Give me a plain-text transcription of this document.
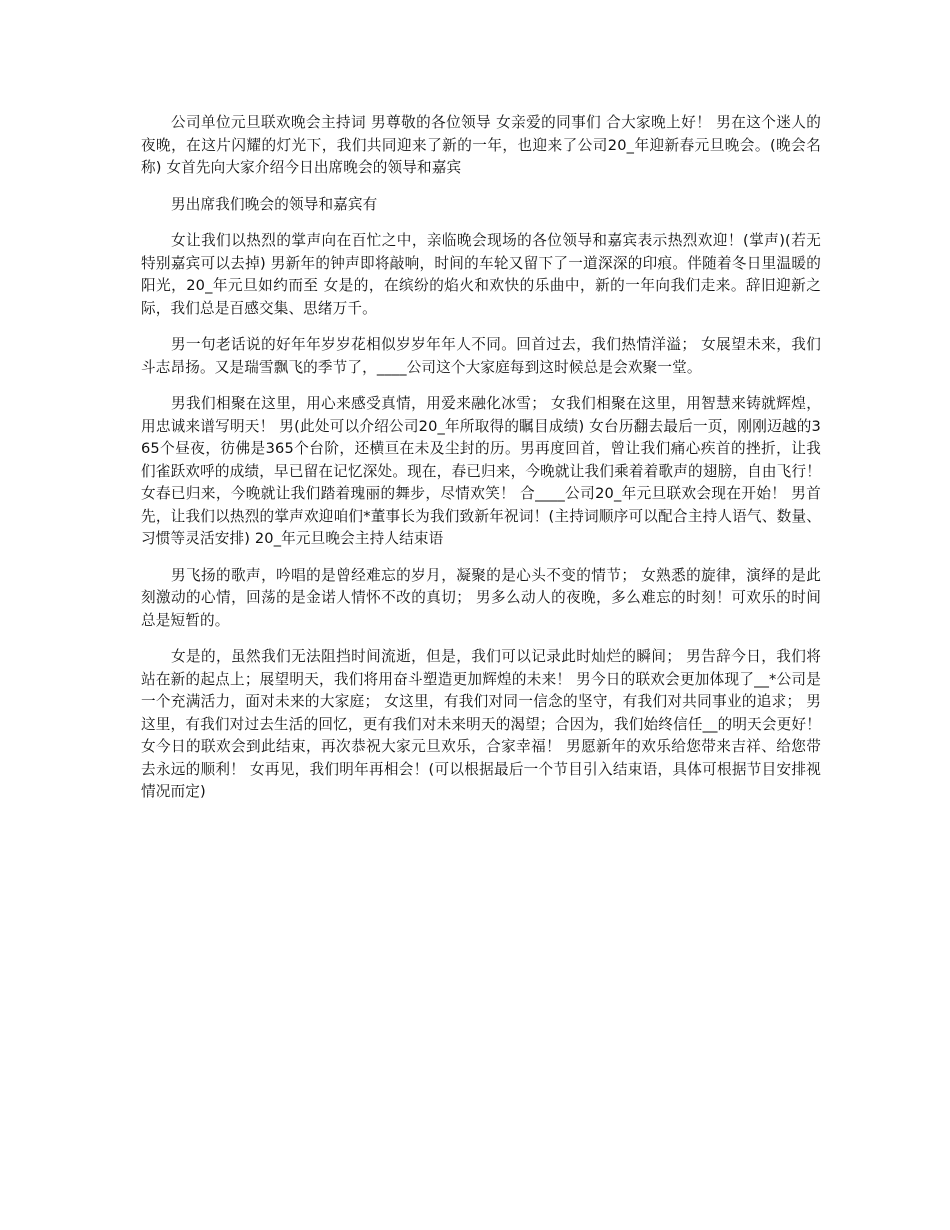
公司单位元旦联欢晚会主持词 男尊敬的各位领导 女亲爱的同事们 合大家晚上好！ 男在这个迷人的夜晚，在这片闪耀的灯光下，我们共同迎来了新的一年，也迎来了公司20_年迎新春元旦晚会。(晚会名称) 女首先向大家介绍今日出席晚会的领导和嘉宾

男出席我们晚会的领导和嘉宾有

女让我们以热烈的掌声向在百忙之中，亲临晚会现场的各位领导和嘉宾表示热烈欢迎！(掌声)(若无特别嘉宾可以去掉) 男新年的钟声即将敲响，时间的车轮又留下了一道深深的印痕。伴随着冬日里温暖的阳光，20_年元旦如约而至 女是的，在缤纷的焰火和欢快的乐曲中，新的一年向我们走来。辞旧迎新之际，我们总是百感交集、思绪万千。

男一句老话说的好年年岁岁花相似岁岁年年人不同。回首过去，我们热情洋溢； 女展望未来，我们斗志昂扬。又是瑞雪飘飞的季节了，____公司这个大家庭每到这时候总是会欢聚一堂。

男我们相聚在这里，用心来感受真情，用爱来融化冰雪； 女我们相聚在这里，用智慧来铸就辉煌，用忠诚来谱写明天！ 男(此处可以介绍公司20_年所取得的瞩目成绩) 女台历翻去最后一页，刚刚迈越的365个昼夜，彷佛是365个台阶，还横亘在未及尘封的历。男再度回首，曾让我们痛心疾首的挫折，让我们雀跃欢呼的成绩，早已留在记忆深处。现在，春已归来，今晚就让我们乘着着歌声的翅膀，自由飞行！ 女春已归来，今晚就让我们踏着瑰丽的舞步，尽情欢笑！ 合____公司20_年元旦联欢会现在开始！ 男首先，让我们以热烈的掌声欢迎咱们*董事长为我们致新年祝词！(主持词顺序可以配合主持人语气、数量、习惯等灵活安排) 20_年元旦晚会主持人结束语

男飞扬的歌声，吟唱的是曾经难忘的岁月，凝聚的是心头不变的情节； 女熟悉的旋律，演绎的是此刻激动的心情，回荡的是金诺人情怀不改的真切； 男多么动人的夜晚，多么难忘的时刻！可欢乐的时间总是短暂的。

女是的，虽然我们无法阻挡时间流逝，但是，我们可以记录此时灿烂的瞬间； 男告辞今日，我们将站在新的起点上；展望明天，我们将用奋斗塑造更加辉煌的未来！ 男今日的联欢会更加体现了__*公司是一个充满活力，面对未来的大家庭； 女这里，有我们对同一信念的坚守，有我们对共同事业的追求； 男这里，有我们对过去生活的回忆，更有我们对未来明天的渴望；合因为，我们始终信任__的明天会更好！ 女今日的联欢会到此结束，再次恭祝大家元旦欢乐，合家幸福！ 男愿新年的欢乐给您带来吉祥、给您带去永远的顺利！ 女再见，我们明年再相会！(可以根据最后一个节目引入结束语，具体可根据节目安排视情况而定)
